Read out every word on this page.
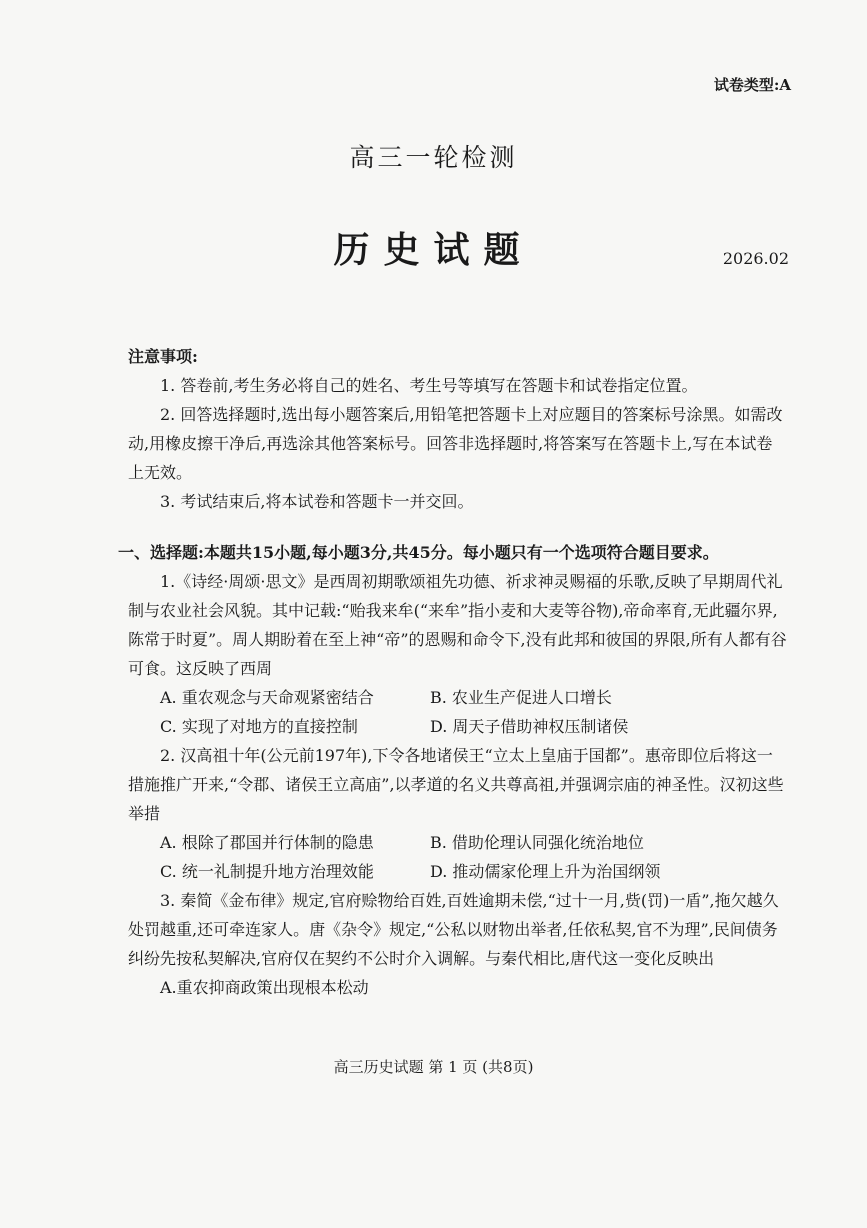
试卷类型:A
高三一轮检测
历史试题	2026.02
注意事项:

1. 答卷前,考生务必将自己的姓名、考生号等填写在答题卡和试卷指定位置。

2. 回答选择题时,选出每小题答案后,用铅笔把答题卡上对应题目的答案标号涂黑。如需改动,用橡皮擦干净后,再选涂其他答案标号。回答非选择题时,将答案写在答题卡上,写在本试卷上无效。

3. 考试结束后,将本试卷和答题卡一并交回。

一、选择题:本题共15小题,每小题3分,共45分。每小题只有一个选项符合题目要求。

1.《诗经·周颂·思文》是西周初期歌颂祖先功德、祈求神灵赐福的乐歌,反映了早期周代礼制与农业社会风貌。其中记载:“贻我来牟(“来牟”指小麦和大麦等谷物),帝命率育,无此疆尔界,陈常于时夏”。周人期盼着在至上神“帝”的恩赐和命令下,没有此邦和彼国的界限,所有人都有谷可食。这反映了西周

A. 重农观念与天命观紧密结合	B. 农业生产促进人口增长
C. 实现了对地方的直接控制	D. 周天子借助神权压制诸侯

2. 汉高祖十年(公元前197年),下令各地诸侯王“立太上皇庙于国都”。惠帝即位后将这一措施推广开来,“令郡、诸侯王立高庙”,以孝道的名义共尊高祖,并强调宗庙的神圣性。汉初这些举措

A. 根除了郡国并行体制的隐患	B. 借助伦理认同强化统治地位
C. 统一礼制提升地方治理效能	D. 推动儒家伦理上升为治国纲领

3. 秦简《金布律》规定,官府赊物给百姓,百姓逾期未偿,“过十一月,赀(罚)一盾”,拖欠越久处罚越重,还可牵连家人。唐《杂令》规定,“公私以财物出举者,任依私契,官不为理”,民间债务纠纷先按私契解决,官府仅在契约不公时介入调解。与秦代相比,唐代这一变化反映出

A.重农抑商政策出现根本松动
高三历史试题 第 1 页 (共8页)
